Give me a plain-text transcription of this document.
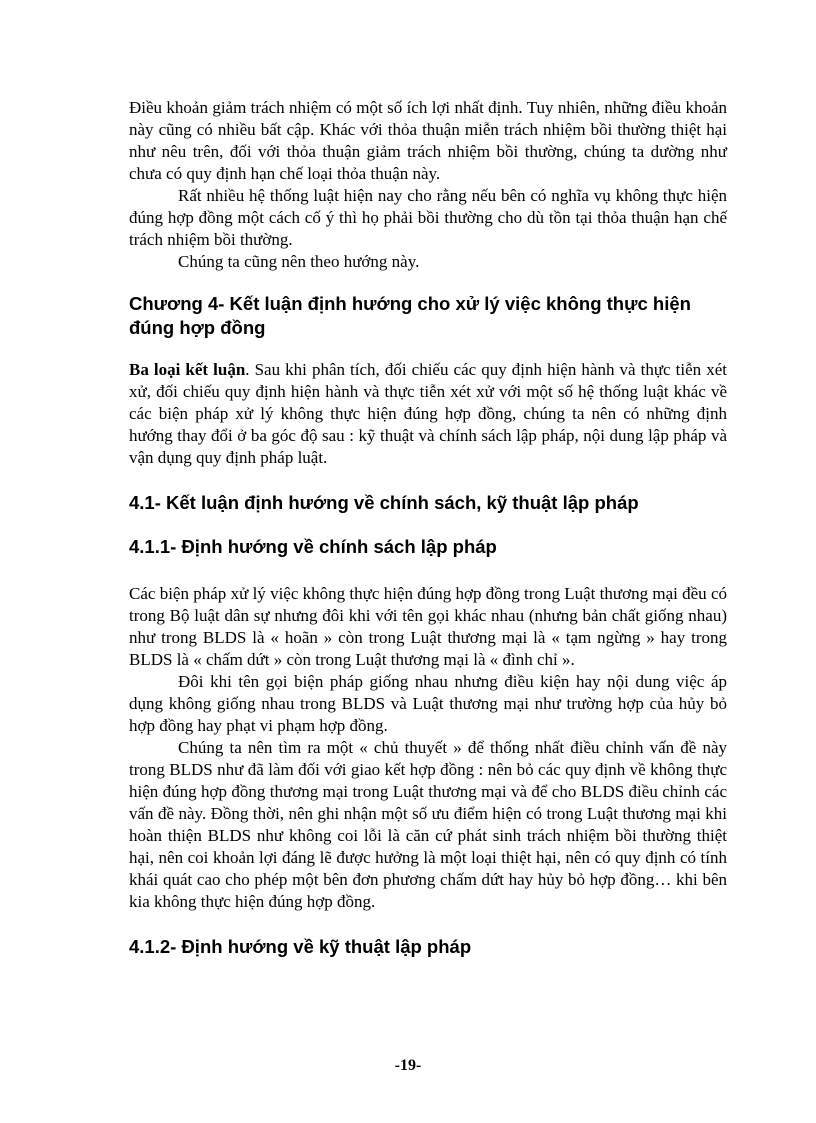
Điều khoản giảm trách nhiệm có một số ích lợi nhất định. Tuy nhiên, những điều khoản này cũng có nhiều bất cập. Khác với thỏa thuận miễn trách nhiệm bồi thường thiệt hại như nêu trên, đối với thỏa thuận giảm trách nhiệm bồi thường, chúng ta dường như chưa có quy định hạn chế loại thỏa thuận này.

Rất nhiều hệ thống luật hiện nay cho rằng nếu bên có nghĩa vụ không thực hiện đúng hợp đồng một cách cố ý thì họ phải bồi thường cho dù tồn tại thỏa thuận hạn chế trách nhiệm bồi thường.

Chúng ta cũng nên theo hướng này.

Chương 4- Kết luận định hướng cho xử lý việc không thực hiện đúng hợp đồng

Ba loại kết luận. Sau khi phân tích, đối chiếu các quy định hiện hành và thực tiễn xét xử, đối chiếu quy định hiện hành và thực tiễn xét xử với một số hệ thống luật khác về các biện pháp xử lý không thực hiện đúng hợp đồng, chúng ta nên có những định hướng thay đổi ở ba góc độ sau : kỹ thuật và chính sách lập pháp, nội dung lập pháp và vận dụng quy định pháp luật.

4.1- Kết luận định hướng về chính sách, kỹ thuật lập pháp
4.1.1- Định hướng về chính sách lập pháp

Các biện pháp xử lý việc không thực hiện đúng hợp đồng trong Luật thương mại đều có trong Bộ luật dân sự nhưng đôi khi với tên gọi khác nhau (nhưng bản chất giống nhau) như trong BLDS là « hoãn » còn trong Luật thương mại là « tạm ngừng » hay trong BLDS là « chấm dứt » còn trong Luật thương mại là « đình chỉ ».

Đôi khi tên gọi biện pháp giống nhau nhưng điều kiện hay nội dung việc áp dụng không giống nhau trong BLDS và Luật thương mại như trường hợp của hủy bỏ hợp đồng hay phạt vi phạm hợp đồng.

Chúng ta nên tìm ra một « chủ thuyết » để thống nhất điều chỉnh vấn đề này trong BLDS như đã làm đối với giao kết hợp đồng : nên bỏ các quy định về không thực hiện đúng hợp đồng thương mại trong Luật thương mại và để cho BLDS điều chỉnh các vấn đề này. Đồng thời, nên ghi nhận một số ưu điểm hiện có trong Luật thương mại khi hoàn thiện BLDS như không coi lỗi là căn cứ phát sinh trách nhiệm bồi thường thiệt hại, nên coi khoản lợi đáng lẽ được hưởng là một loại thiệt hại, nên có quy định có tính khái quát cao cho phép một bên đơn phương chấm dứt hay hủy bỏ hợp đồng… khi bên kia không thực hiện đúng hợp đồng.

4.1.2- Định hướng về kỹ thuật lập pháp
-19-
